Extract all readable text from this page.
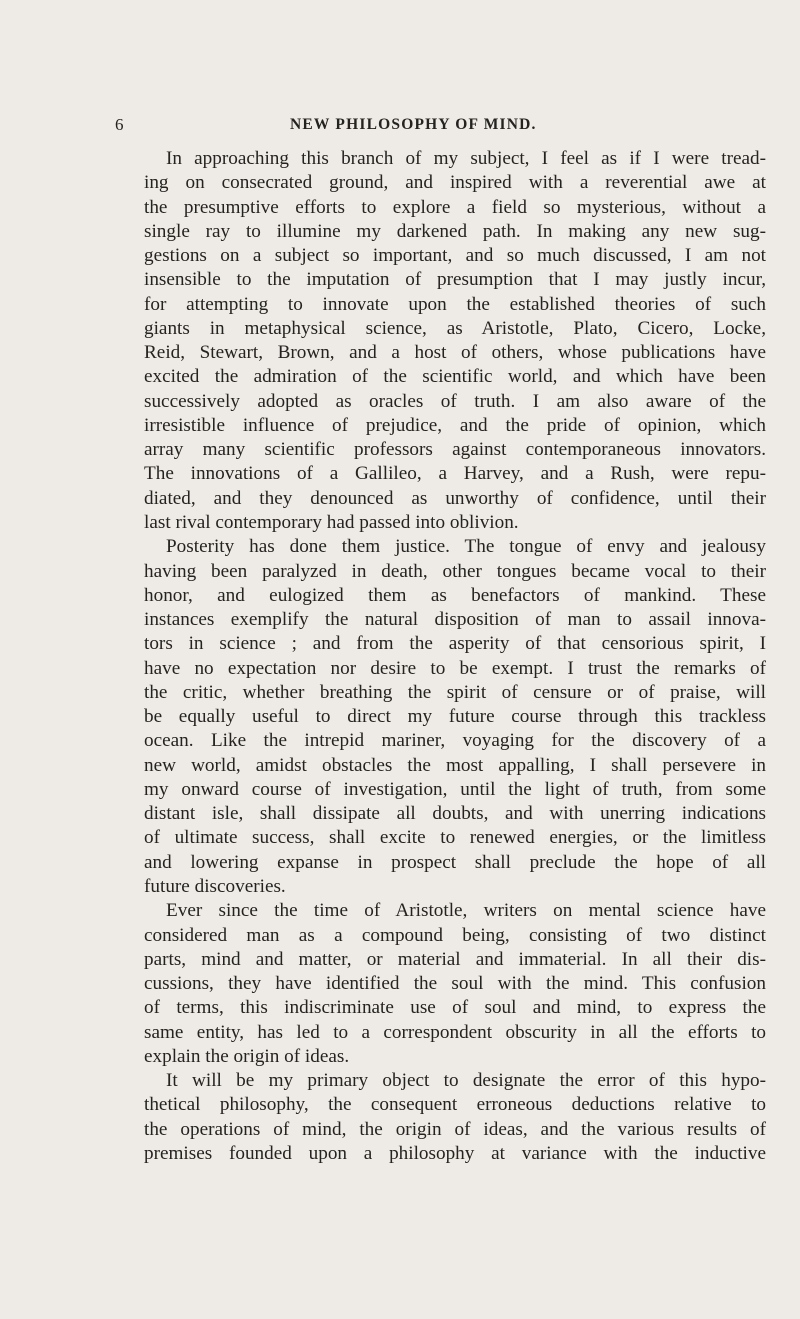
6	NEW PHILOSOPHY OF MIND.
In approaching this branch of my subject, I feel as if I were tread-
ing on consecrated ground, and inspired with a reverential awe at
the presumptive efforts to explore a field so mysterious, without a
single ray to illumine my darkened path. In making any new sug-
gestions on a subject so important, and so much discussed, I am not
insensible to the imputation of presumption that I may justly incur,
for attempting to innovate upon the established theories of such
giants in metaphysical science, as Aristotle, Plato, Cicero, Locke,
Reid, Stewart, Brown, and a host of others, whose publications have
excited the admiration of the scientific world, and which have been
successively adopted as oracles of truth. I am also aware of the
irresistible influence of prejudice, and the pride of opinion, which
array many scientific professors against contemporaneous innovators.
The innovations of a Gallileo, a Harvey, and a Rush, were repu-
diated, and they denounced as unworthy of confidence, until their
last rival contemporary had passed into oblivion.
Posterity has done them justice. The tongue of envy and jealousy
having been paralyzed in death, other tongues became vocal to their
honor, and eulogized them as benefactors of mankind. These
instances exemplify the natural disposition of man to assail innova-
tors in science ; and from the asperity of that censorious spirit, I
have no expectation nor desire to be exempt. I trust the remarks of
the critic, whether breathing the spirit of censure or of praise, will
be equally useful to direct my future course through this trackless
ocean. Like the intrepid mariner, voyaging for the discovery of a
new world, amidst obstacles the most appalling, I shall persevere in
my onward course of investigation, until the light of truth, from some
distant isle, shall dissipate all doubts, and with unerring indications
of ultimate success, shall excite to renewed energies, or the limitless
and lowering expanse in prospect shall preclude the hope of all
future discoveries.
Ever since the time of Aristotle, writers on mental science have
considered man as a compound being, consisting of two distinct
parts, mind and matter, or material and immaterial. In all their dis-
cussions, they have identified the soul with the mind. This confusion
of terms, this indiscriminate use of soul and mind, to express the
same entity, has led to a correspondent obscurity in all the efforts to
explain the origin of ideas.
It will be my primary object to designate the error of this hypo-
thetical philosophy, the consequent erroneous deductions relative to
the operations of mind, the origin of ideas, and the various results of
premises founded upon a philosophy at variance with the inductive
